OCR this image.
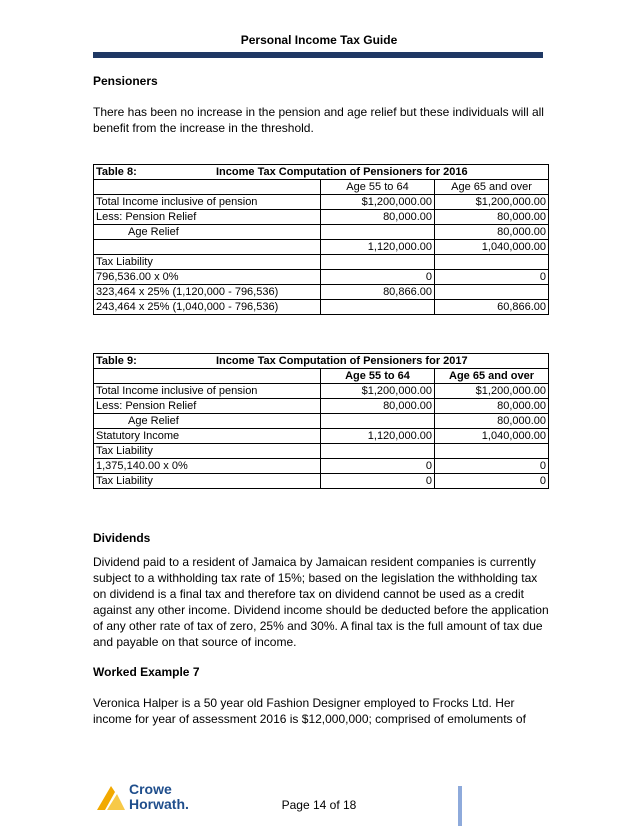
Personal Income Tax Guide
Pensioners
There has been no increase in the pension and age relief but these individuals will all benefit from the increase in the threshold.
Table 8: Income Tax Computation of Pensioners for 2016		
	Age 55 to 64	Age 65 and over
Total Income inclusive of pension	$1,200,000.00	$1,200,000.00
Less: Pension Relief	80,000.00	80,000.00
Age Relief		80,000.00
	1,120,000.00	1,040,000.00
Tax Liability		
796,536.00 x 0%	0	0
323,464 x 25% (1,120,000 - 796,536)	80,866.00	
243,464 x 25% (1,040,000 - 796,536)		60,866.00
Table 9: Income Tax Computation of Pensioners for 2017		
	Age 55 to 64	Age 65 and over
Total Income inclusive of pension	$1,200,000.00	$1,200,000.00
Less: Pension Relief	80,000.00	80,000.00
Age Relief		80,000.00
Statutory Income	1,120,000.00	1,040,000.00
Tax Liability		
1,375,140.00 x 0%	0	0
Tax Liability	0	0
Dividends
Dividend paid to a resident of Jamaica by Jamaican resident companies is currently subject to a withholding tax rate of 15%; based on the legislation the withholding tax on dividend is a final tax and therefore tax on dividend cannot be used as a credit against any other income. Dividend income should be deducted before the application of any other rate of tax of zero, 25% and 30%. A final tax is the full amount of tax due and payable on that source of income.
Worked Example 7
Veronica Halper is a 50 year old Fashion Designer employed to Frocks Ltd. Her income for year of assessment 2016 is $12,000,000; comprised of emoluments of
Crowe
Horwath.	Page 14 of 18
